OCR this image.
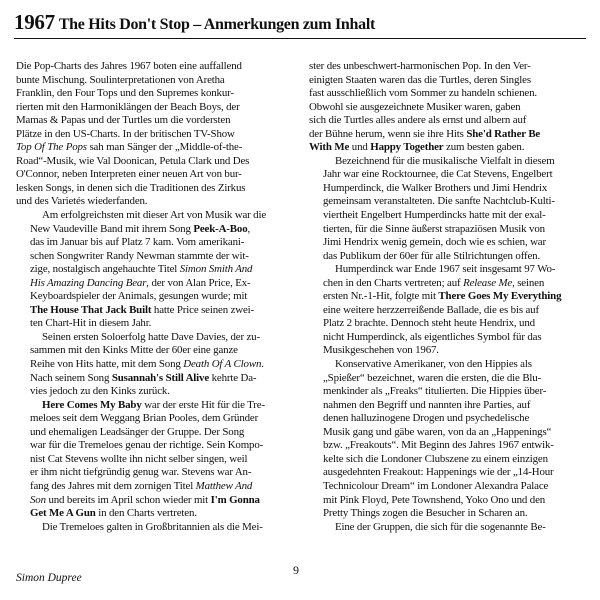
1967 The Hits Don't Stop – Anmerkungen zum Inhalt

Die Pop-Charts des Jahres 1967 boten eine auffallend
bunte Mischung. Soulinterpretationen von Aretha
Franklin, den Four Tops und den Supremes konkur-
rierten mit den Harmoniklängen der Beach Boys, der
Mamas & Papas und der Turtles um die vordersten
Plätze in den US-Charts. In der britischen TV-Show
Top Of The Pops sah man Sänger der „Middle-of-the-
Road“-Musik, wie Val Doonican, Petula Clark und Des
O'Connor, neben Interpreten einer neuen Art von bur-
lesken Songs, in denen sich die Traditionen des Zirkus
und des Varietés wiederfanden.

Am erfolgreichsten mit dieser Art von Musik war die
New Vaudeville Band mit ihrem Song Peek-A-Boo,
das im Januar bis auf Platz 7 kam. Vom amerikani-
schen Songwriter Randy Newman stammte der wit-
zige, nostalgisch angehauchte Titel Simon Smith And
His Amazing Dancing Bear, der von Alan Price, Ex-
Keyboardspieler der Animals, gesungen wurde; mit
The House That Jack Built hatte Price seinen zwei-
ten Chart-Hit in diesem Jahr.

Seinen ersten Soloerfolg hatte Dave Davies, der zu-
sammen mit den Kinks Mitte der 60er eine ganze
Reihe von Hits hatte, mit dem Song Death Of A Clown.
Nach seinem Song Susannah's Still Alive kehrte Da-
vies jedoch zu den Kinks zurück.

Here Comes My Baby war der erste Hit für die Tre-
meloes seit dem Weggang Brian Pooles, dem Gründer
und ehemaligen Leadsänger der Gruppe. Der Song
war für die Tremeloes genau der richtige. Sein Kompo-
nist Cat Stevens wollte ihn nicht selber singen, weil
er ihm nicht tiefgründig genug war. Stevens war An-
fang des Jahres mit dem zornigen Titel Matthew And
Son und bereits im April schon wieder mit I'm Gonna
Get Me A Gun in den Charts vertreten.

Die Tremeloes galten in Großbritannien als die Mei-

ster des unbeschwert-harmonischen Pop. In den Ver-
einigten Staaten waren das die Turtles, deren Singles
fast ausschließlich vom Sommer zu handeln schienen.
Obwohl sie ausgezeichnete Musiker waren, gaben
sich die Turtles alles andere als ernst und albern auf
der Bühne herum, wenn sie ihre Hits She'd Rather Be
With Me und Happy Together zum besten gaben.

Bezeichnend für die musikalische Vielfalt in diesem
Jahr war eine Rocktournee, die Cat Stevens, Engelbert
Humperdinck, die Walker Brothers und Jimi Hendrix
gemeinsam veranstalteten. Die sanfte Nachtclub-Kulti-
viertheit Engelbert Humperdincks hatte mit der exal-
tierten, für die Sinne äußerst strapaziösen Musik von
Jimi Hendrix wenig gemein, doch wie es schien, war
das Publikum der 60er für alle Stilrichtungen offen.

Humperdinck war Ende 1967 seit insgesamt 97 Wo-
chen in den Charts vertreten; auf Release Me, seinen
ersten Nr.-1-Hit, folgte mit There Goes My Everything
eine weitere herzzerreißende Ballade, die es bis auf
Platz 2 brachte. Dennoch steht heute Hendrix, und
nicht Humperdinck, als eigentliches Symbol für das
Musikgeschehen von 1967.

Konservative Amerikaner, von den Hippies als
„Spießer“ bezeichnet, waren die ersten, die die Blu-
menkinder als „Freaks“ titulierten. Die Hippies über-
nahmen den Begriff und nannten ihre Parties, auf
denen halluzinogene Drogen und psychedelische
Musik gang und gäbe waren, von da an „Happenings“
bzw. „Freakouts“. Mit Beginn des Jahres 1967 entwik-
kelte sich die Londoner Clubszene zu einem einzigen
ausgedehnten Freakout: Happenings wie der „14-Hour
Technicolour Dream“ im Londoner Alexandra Palace
mit Pink Floyd, Pete Townshend, Yoko Ono und den
Pretty Things zogen die Besucher in Scharen an.

Eine der Gruppen, die sich für die sogenannte Be-

Simon Dupree
9
